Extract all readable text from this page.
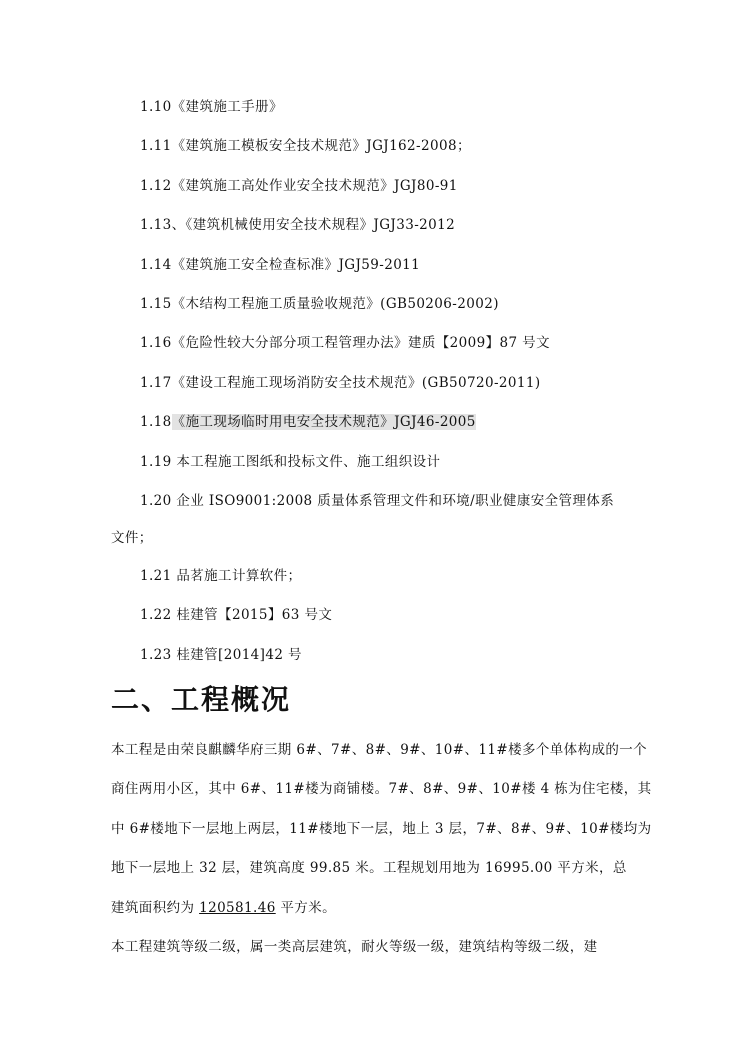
1.10《建筑施工手册》
1.11《建筑施工模板安全技术规范》JGJ162-2008；
1.12《建筑施工高处作业安全技术规范》JGJ80-91
1.13、《建筑机械使用安全技术规程》JGJ33-2012
1.14《建筑施工安全检查标准》JGJ59-2011
1.15《木结构工程施工质量验收规范》(GB50206-2002)
1.16《危险性较大分部分项工程管理办法》建质【2009】87 号文
1.17《建设工程施工现场消防安全技术规范》(GB50720-2011)
1.18《施工现场临时用电安全技术规范》JGJ46-2005
1.19 本工程施工图纸和投标文件、施工组织设计
1.20 企业 ISO9001:2008 质量体系管理文件和环境/职业健康安全管理体系
文件；
1.21 品茗施工计算软件；
1.22 桂建管【2015】63 号文
1.23 桂建管[2014]42 号
二、工程概况
本工程是由荣良麒麟华府三期 6#、7#、8#、9#、10#、11#楼多个单体构成的一个
商住两用小区，其中 6#、11#楼为商铺楼。7#、8#、9#、10#楼 4 栋为住宅楼，其
中 6#楼地下一层地上两层，11#楼地下一层，地上 3 层，7#、8#、9#、10#楼均为
地下一层地上 32 层，建筑高度 99.85 米。工程规划用地为 16995.00 平方米，总
建筑面积约为 120581.46 平方米。
本工程建筑等级二级，属一类高层建筑，耐火等级一级，建筑结构等级二级，建
